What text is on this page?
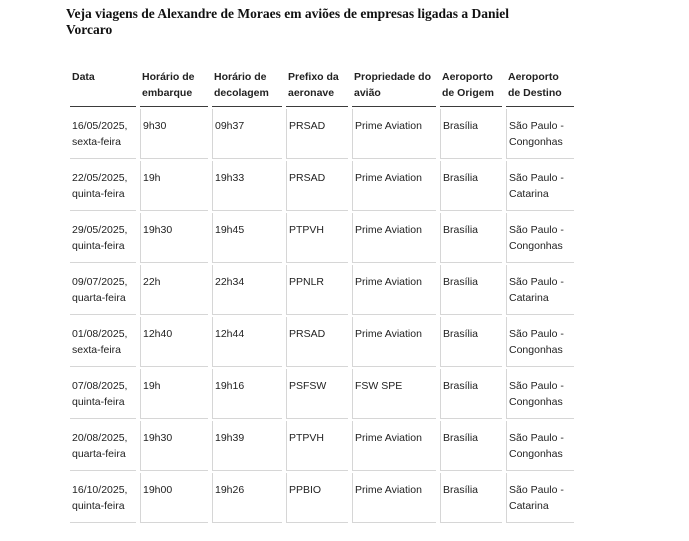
Veja viagens de Alexandre de Moraes em aviões de empresas ligadas a Daniel Vorcaro
Data	Horário de embarque	Horário de decolagem	Prefixo da aeronave	Propriedade do avião	Aeroporto de Origem	Aeroporto de Destino
16/05/2025, sexta-feira	9h30	09h37	PRSAD	Prime Aviation	Brasília	São Paulo - Congonhas
22/05/2025, quinta-feira	19h	19h33	PRSAD	Prime Aviation	Brasília	São Paulo - Catarina
29/05/2025, quinta-feira	19h30	19h45	PTPVH	Prime Aviation	Brasília	São Paulo - Congonhas
09/07/2025, quarta-feira	22h	22h34	PPNLR	Prime Aviation	Brasília	São Paulo - Catarina
01/08/2025, sexta-feira	12h40	12h44	PRSAD	Prime Aviation	Brasília	São Paulo - Congonhas
07/08/2025, quinta-feira	19h	19h16	PSFSW	FSW SPE	Brasília	São Paulo - Congonhas
20/08/2025, quarta-feira	19h30	19h39	PTPVH	Prime Aviation	Brasília	São Paulo - Congonhas
16/10/2025, quinta-feira	19h00	19h26	PPBIO	Prime Aviation	Brasília	São Paulo - Catarina
